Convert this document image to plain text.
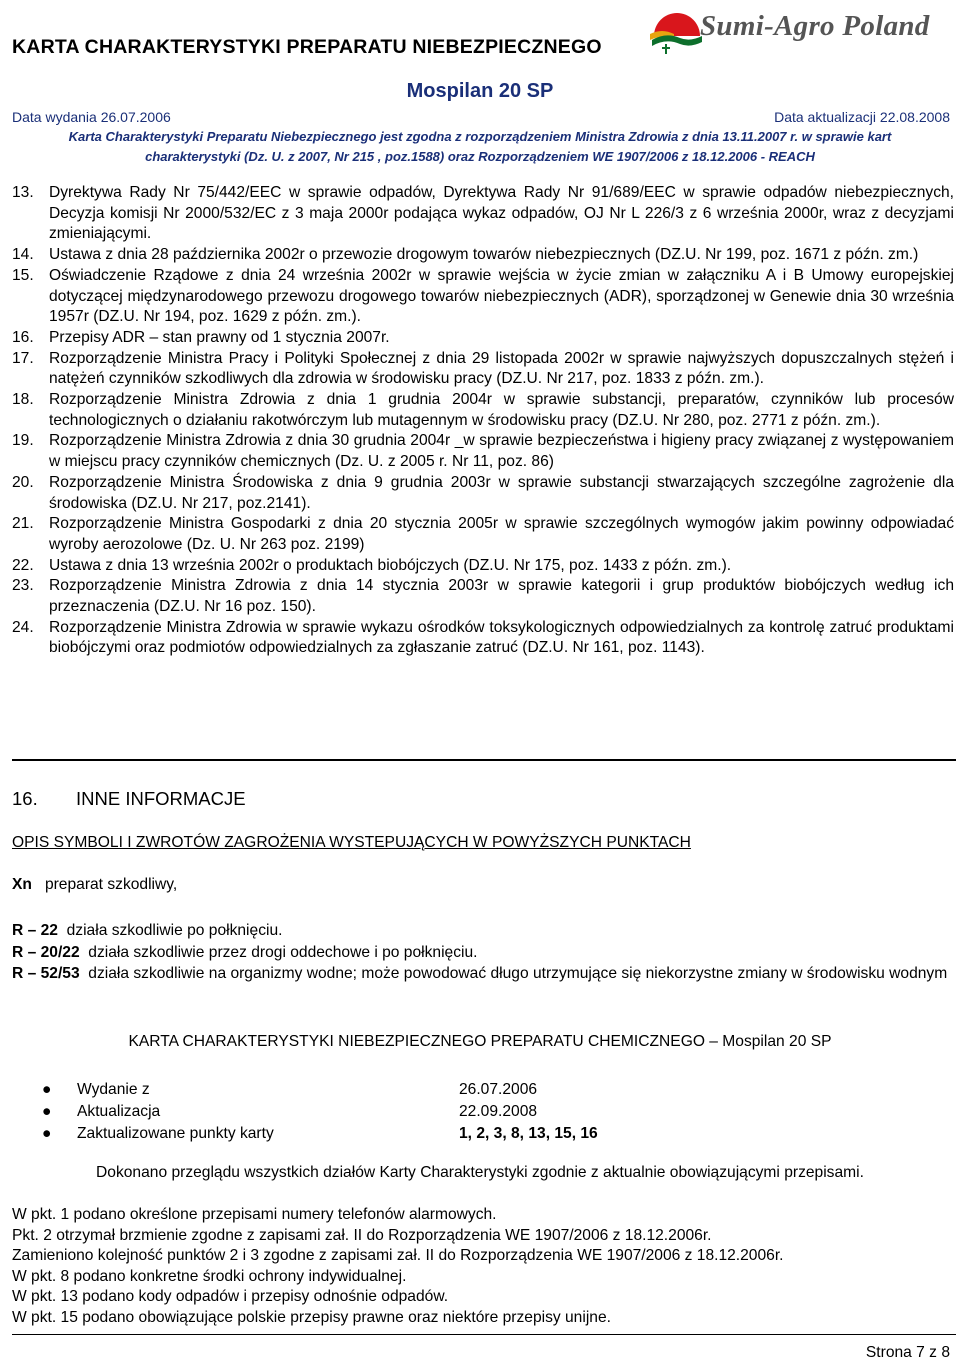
KARTA CHARAKTERYSTYKI PREPARATU NIEBEZPIECZNEGO
Sumi-Agro Poland
Mospilan 20 SP
Data wydania 26.07.2006	Data aktualizacji 22.08.2008
Karta Charakterystyki Preparatu Niebezpiecznego jest zgodna z rozporządzeniem Ministra Zdrowia z dnia 13.11.2007 r. w sprawie kart
charakterystyki (Dz. U. z 2007, Nr 215 , poz.1588) oraz Rozporządzeniem WE 1907/2006 z 18.12.2006 - REACH
13. Dyrektywa Rady Nr 75/442/EEC w sprawie odpadów, Dyrektywa Rady Nr 91/689/EEC w sprawie odpadów niebezpiecznych, Decyzja komisji Nr 2000/532/EC z 3 maja 2000r podająca wykaz odpadów, OJ Nr L 226/3 z 6 września 2000r, wraz z decyzjami zmieniającymi.
14. Ustawa z dnia 28 października 2002r o przewozie drogowym towarów niebezpiecznych (DZ.U. Nr 199, poz. 1671 z późn. zm.)
15. Oświadczenie Rządowe z dnia 24 września 2002r w sprawie wejścia w życie zmian w załączniku A i B Umowy europejskiej dotyczącej międzynarodowego przewozu drogowego towarów niebezpiecznych (ADR), sporządzonej w Genewie dnia 30 września 1957r (DZ.U. Nr 194, poz. 1629 z późn. zm.).
16. Przepisy ADR – stan prawny od 1 stycznia 2007r.
17. Rozporządzenie Ministra Pracy i Polityki Społecznej z dnia 29 listopada 2002r w sprawie najwyższych dopuszczalnych stężeń i natężeń czynników szkodliwych dla zdrowia w środowisku pracy (DZ.U. Nr 217, poz. 1833 z późn. zm.).
18. Rozporządzenie Ministra Zdrowia z dnia 1 grudnia 2004r w sprawie substancji, preparatów, czynników lub procesów technologicznych o działaniu rakotwórczym lub mutagennym w środowisku pracy (DZ.U. Nr 280, poz. 2771 z późn. zm.).
19. Rozporządzenie Ministra Zdrowia z dnia 30 grudnia 2004r _w sprawie bezpieczeństwa i higieny pracy związanej z występowaniem w miejscu pracy czynników chemicznych (Dz. U. z 2005 r. Nr 11, poz. 86)
20. Rozporządzenie Ministra Środowiska z dnia 9 grudnia 2003r w sprawie substancji stwarzających szczególne zagrożenie dla środowiska (DZ.U. Nr 217, poz.2141).
21. Rozporządzenie Ministra Gospodarki z dnia 20 stycznia 2005r w sprawie szczególnych wymogów jakim powinny odpowiadać wyroby aerozolowe (Dz. U. Nr 263 poz. 2199)
22. Ustawa z dnia 13 września 2002r o produktach biobójczych (DZ.U. Nr 175, poz. 1433 z późn. zm.).
23. Rozporządzenie Ministra Zdrowia z dnia 14 stycznia 2003r w sprawie kategorii i grup produktów biobójczych według ich przeznaczenia (DZ.U. Nr 16 poz. 150).
24. Rozporządzenie Ministra Zdrowia w sprawie wykazu ośrodków toksykologicznych odpowiedzialnych za kontrolę zatruć produktami biobójczymi oraz podmiotów odpowiedzialnych za zgłaszanie zatruć (DZ.U. Nr 161, poz. 1143).
16. INNE INFORMACJE
OPIS SYMBOLI I ZWROTÓW ZAGROŻENIA WYSTEPUJĄCYCH W POWYŻSZYCH PUNKTACH
Xn preparat szkodliwy,

R – 22 działa szkodliwie po połknięciu.

R – 20/22 działa szkodliwie przez drogi oddechowe i po połknięciu.

R – 52/53 działa szkodliwie na organizmy wodne; może powodować długo utrzymujące się niekorzystne zmiany w środowisku wodnym

KARTA CHARAKTERYSTYKI NIEBEZPIECZNEGO PREPARATU CHEMICZNEGO – Mospilan 20 SP
● Wydanie z	26.07.2006
● Aktualizacja	22.09.2008
● Zaktualizowane punkty karty	1, 2, 3, 8, 13, 15, 16
Dokonano przeglądu wszystkich działów Karty Charakterystyki zgodnie z aktualnie obowiązującymi przepisami.
W pkt. 1 podano określone przepisami numery telefonów alarmowych.
Pkt. 2 otrzymał brzmienie zgodne z zapisami zał. II do Rozporządzenia WE 1907/2006 z 18.12.2006r.
Zamieniono kolejność punktów 2 i 3 zgodne z zapisami zał. II do Rozporządzenia WE 1907/2006 z 18.12.2006r.
W pkt. 8 podano konkretne środki ochrony indywidualnej.
W pkt. 13 podano kody odpadów i przepisy odnośnie odpadów.
W pkt. 15 podano obowiązujące polskie przepisy prawne oraz niektóre przepisy unijne.
Strona 7 z 8
